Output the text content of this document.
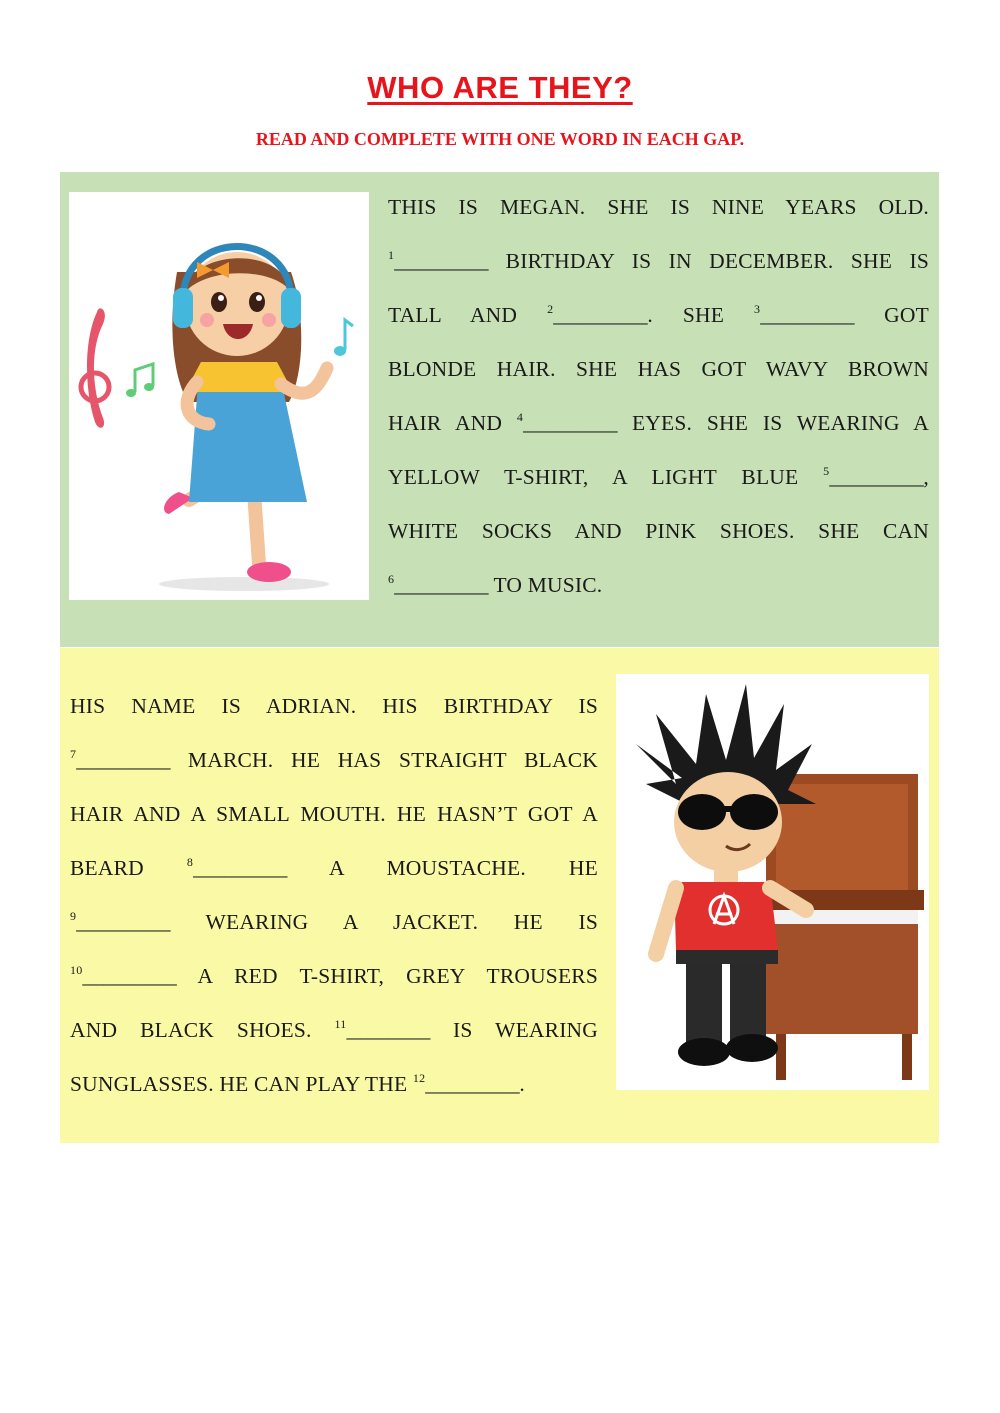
WHO ARE THEY?
READ AND COMPLETE WITH ONE WORD IN EACH GAP.
THIS IS MEGAN. SHE IS NINE YEARS OLD.
$^1$_________ BIRTHDAY IS IN DECEMBER. SHE IS
TALL AND $^2$_________. SHE $^3$_________ GOT
BLONDE HAIR. SHE HAS GOT WAVY BROWN
HAIR AND $^4$_________ EYES. SHE IS WEARING A
YELLOW T-SHIRT, A LIGHT BLUE $^5$_________,
WHITE SOCKS AND PINK SHOES. SHE CAN
$^6$_________ TO MUSIC.
HIS NAME IS ADRIAN. HIS BIRTHDAY IS
$^7$_________ MARCH. HE HAS STRAIGHT BLACK
HAIR AND A SMALL MOUTH. HE HASN’T GOT A
BEARD $^8$_________ A MOUSTACHE. HE
$^9$_________ WEARING A JACKET. HE IS
$^{10}$_________ A RED T-SHIRT, GREY TROUSERS
AND BLACK SHOES. $^{11}$________ IS WEARING
SUNGLASSES. HE CAN PLAY THE $^{12}$_________.
